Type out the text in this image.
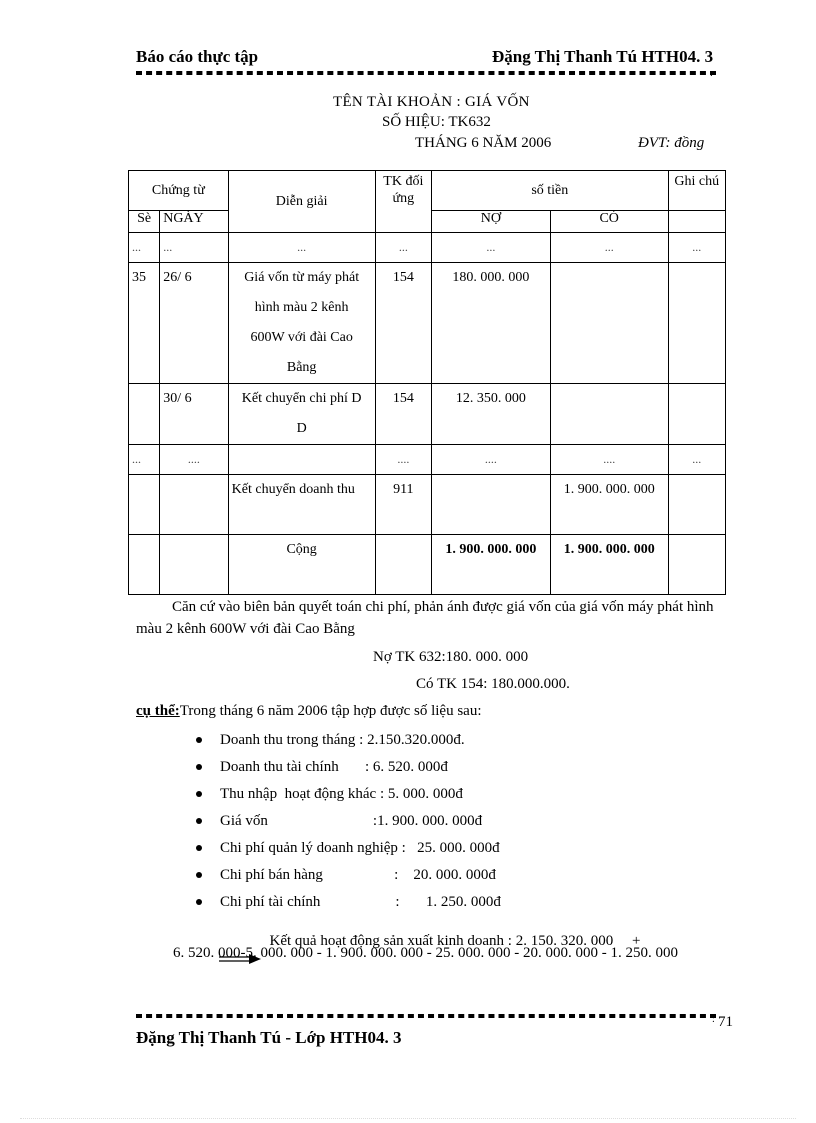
Báo cáo thực tập	Đặng Thị Thanh Tú HTH04. 3
:
TÊN TÀI KHOẢN : GIÁ VỐN
SỐ HIỆU: TK632
THÁNG 6 NĂM 2006	ĐVT: đồng
Chứng từ		Diễn giải	TK đối ứng	số tiền		Ghi chú
Sè	NGÀY			NỢ	CÓ	
...	...	...	...	...	...	...
35	26/ 6	Giá vốn từ máy phát hình màu 2 kênh 600W với đài Cao Bằng	154	180. 000. 000		
	30/ 6	Kết chuyển chi phí D D	154	12. 350. 000		
...	....		....	....	....	...
		Kết chuyển doanh thu	911		1. 900. 000. 000	
		Cộng		1. 900. 000. 000	1. 900. 000. 000	
Căn cứ vào biên bản quyết toán chi phí, phản ánh được giá vốn của giá vốn máy phát hình màu 2 kênh 600W với đài Cao Bằng
Nợ TK 632:180. 000. 000
Có TK 154: 180.000.000.
cụ thể:Trong tháng 6 năm 2006 tập hợp được số liệu sau:
Doanh thu trong tháng : 2.150.320.000đ.
Doanh thu tài chính       : 6. 520. 000đ
Thu nhập  hoạt động khác : 5. 000. 000đ
Giá vốn                            :1. 900. 000. 000đ
Chi phí quản lý doanh nghiệp :   25. 000. 000đ
Chi phí bán hàng                   :    20. 000. 000đ
Chi phí tài chính                    :       1. 250. 000đ

Kết quả hoạt động sản xuất kinh doanh : 2. 150. 320. 000     +

6. 520. 000-5. 000. 000 - 1. 900. 000. 000 - 25. 000. 000 - 20. 000. 000 - 1. 250. 000
: 71
Đặng Thị Thanh Tú - Lớp HTH04. 3
